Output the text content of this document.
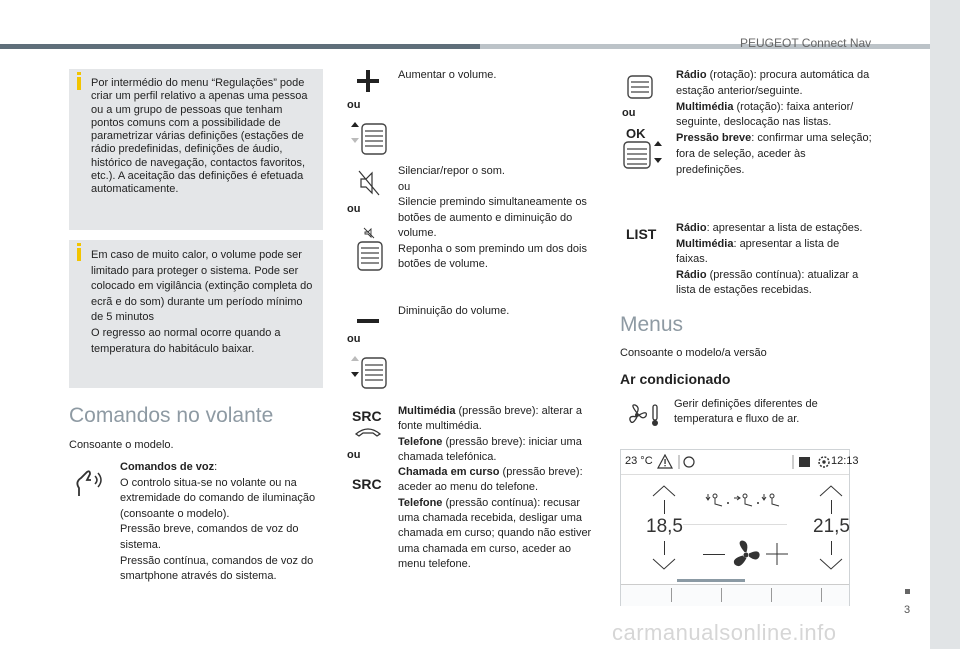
PEUGEOT Connect Nav
3
carmanualsonline.info
Por intermédio do menu “Regulações” pode criar um perfil relativo a apenas uma pessoa ou a um grupo de pessoas que tenham pontos comuns com a possibilidade de parametrizar várias definições (estações de rádio predefinidas, definições de áudio, histórico de navegação, contactos favoritos, etc.). A aceitação das definições é efetuada automaticamente.
Em caso de muito calor, o volume pode ser limitado para proteger o sistema. Pode ser colocado em vigilância (extinção completa do ecrã e do som) durante um período mínimo de 5 minutos
O regresso ao normal ocorre quando a temperatura do habitáculo baixar.
Comandos no volante
Consoante o modelo.
Comandos de voz:
O controlo situa-se no volante ou na extremidade do comando de iluminação (consoante o modelo).
Pressão breve, comandos de voz do sistema.
Pressão contínua, comandos de voz do smartphone através do sistema.
ou
Aumentar o volume.
ou
Silenciar/repor o som.
ou
Silencie premindo simultaneamente os botões de aumento e diminuição do volume.
Reponha o som premindo um dos dois botões de volume.
ou
Diminuição do volume.
SRC
ou
SRC
Multimédia (pressão breve): alterar a fonte multimédia.
Telefone (pressão breve): iniciar uma chamada telefónica.
Chamada em curso (pressão breve): aceder ao menu do telefone.
Telefone (pressão contínua): recusar uma chamada recebida, desligar uma chamada em curso; quando não estiver uma chamada em curso, aceder ao menu telefone.
ou
OK
Rádio (rotação): procura automática da estação anterior/seguinte.
Multimédia (rotação): faixa anterior/ seguinte, deslocação nas listas.
Pressão breve: confirmar uma seleção; fora de seleção, aceder às predefinições.
LIST Rádio: apresentar a lista de estações.
Multimédia: apresentar a lista de faixas.
Rádio (pressão contínua): atualizar a lista de estações recebidas.
Menus
Consoante o modelo/a versão
Ar condicionado
Gerir definições diferentes de temperatura e fluxo de ar.
23 °C	12:13
18,5	21,5
